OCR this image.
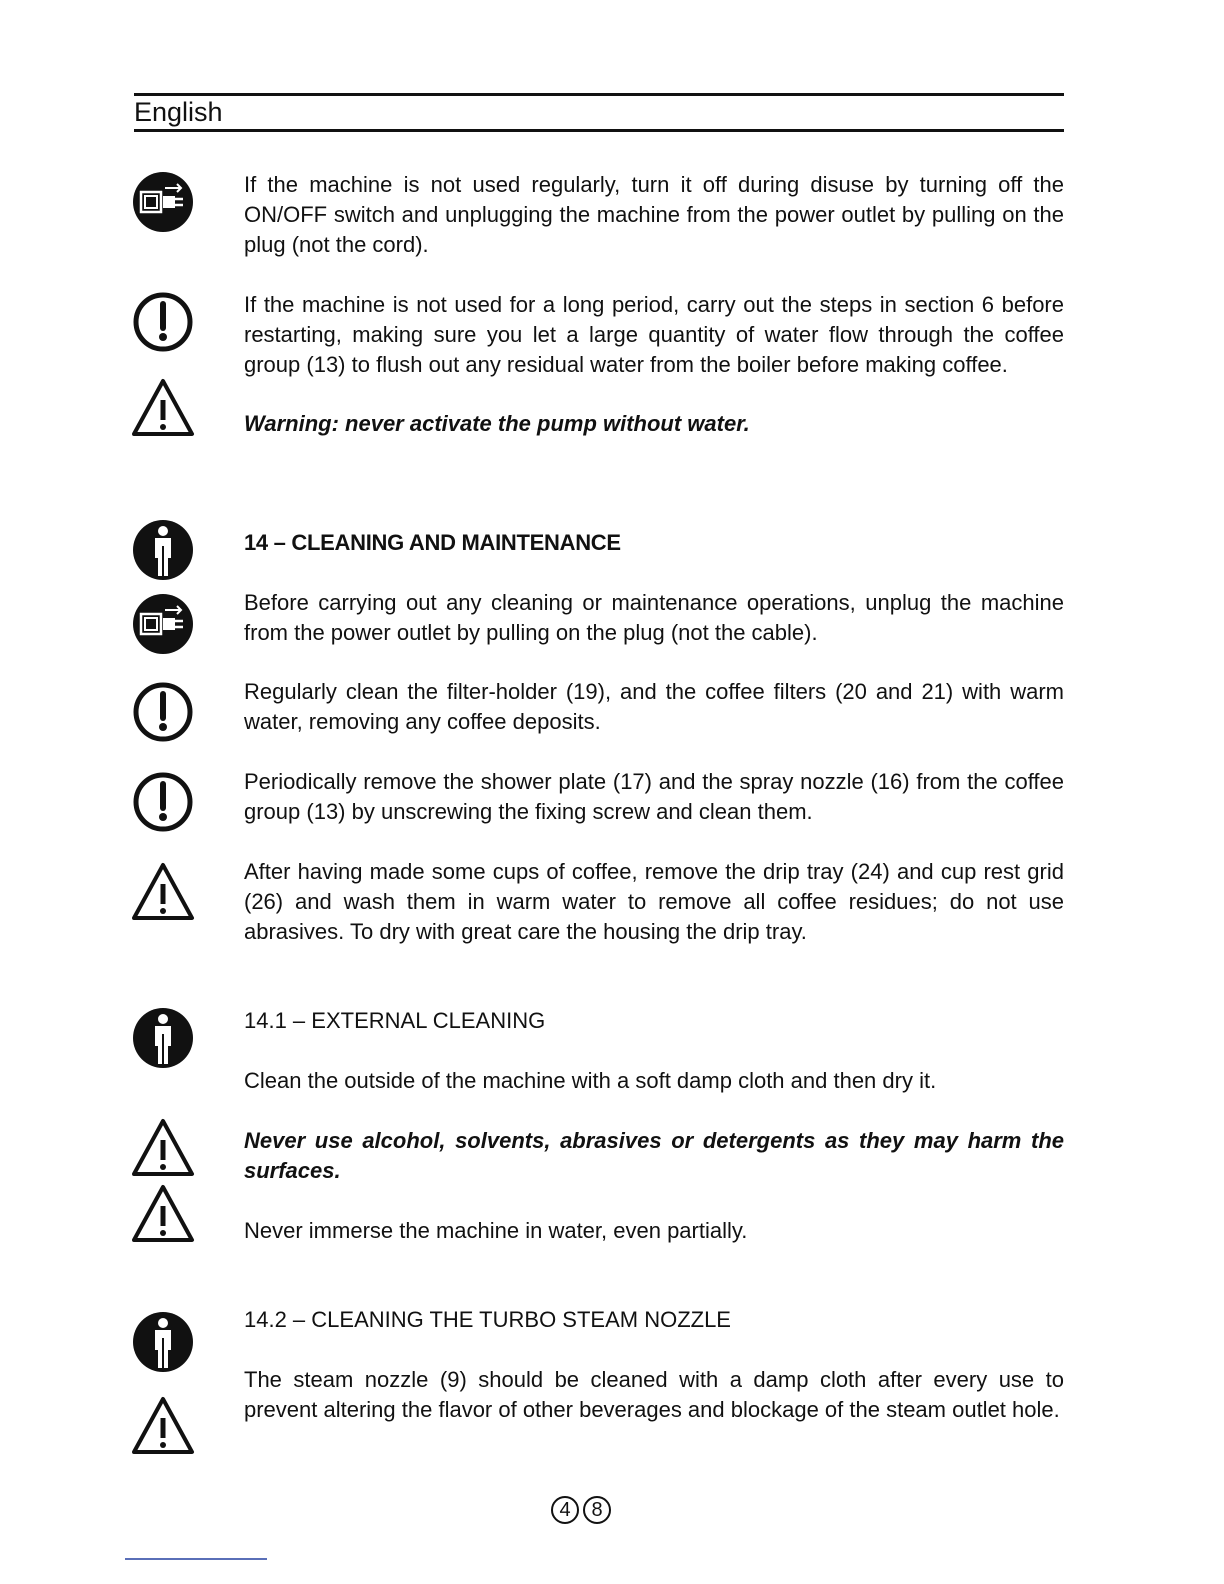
English
If the machine is not used regularly, turn it off during disuse by turning off the ON/OFF switch and unplugging the machine from the power outlet by pulling on the plug (not the cord).
If the machine is not used for a long period, carry out the steps in section 6 before restarting, making sure you let a large quantity of water flow through the coffee group (13) to flush out any residual water from the boiler before making coffee.
Warning: never activate the pump without water.
14 – CLEANING AND MAINTENANCE
Before carrying out any cleaning or maintenance operations, unplug the machine from the power outlet by pulling on the plug (not the cable).
Regularly clean the filter-holder (19), and the coffee filters (20 and 21) with warm water, removing any coffee deposits.
Periodically remove the shower plate (17) and the spray nozzle (16) from the coffee group (13) by unscrewing the fixing screw and clean them.
After having made some cups of coffee, remove the drip tray (24) and cup rest grid (26) and wash them in warm water to remove all coffee residues; do not use abrasives. To dry with great care the housing the drip tray.
14.1 – EXTERNAL CLEANING
Clean the outside of the machine with a soft damp cloth and then dry it.
Never use alcohol, solvents, abrasives or detergents as they may harm the surfaces.
Never immerse the machine in water, even partially.
14.2 – CLEANING THE TURBO STEAM NOZZLE
The steam nozzle (9) should be cleaned with a damp cloth after every use to prevent altering the flavor of other beverages and blockage of the steam outlet hole.
4	8
